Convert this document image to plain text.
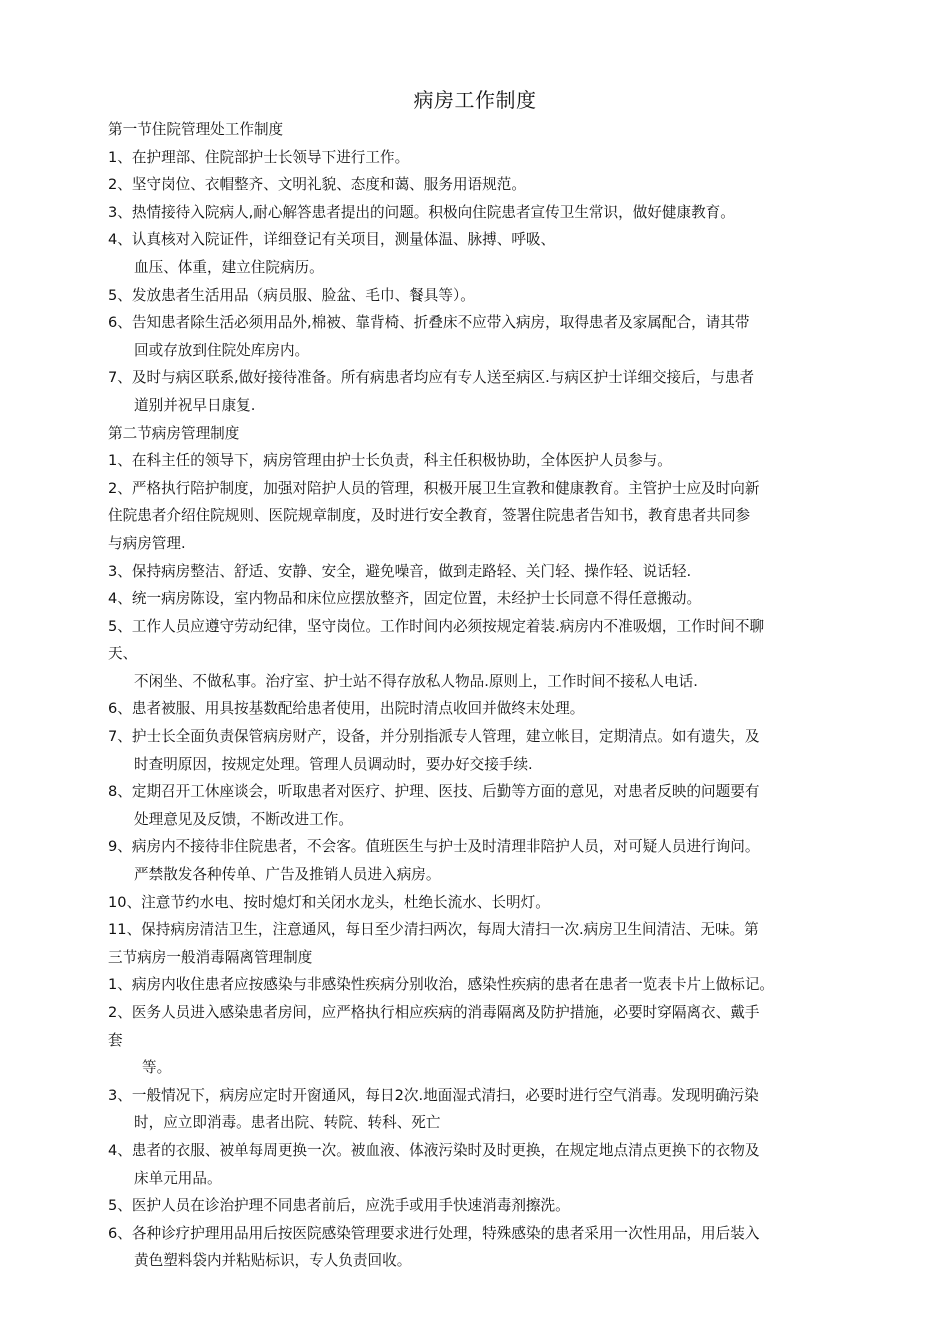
病房工作制度
第一节住院管理处工作制度
1、在护理部、住院部护士长领导下进行工作。
2、坚守岗位、衣帽整齐、文明礼貌、态度和蔼、服务用语规范。
3、热情接待入院病人,耐心解答患者提出的问题。积极向住院患者宣传卫生常识，做好健康教育。
4、认真核对入院证件，详细登记有关项目，测量体温、脉搏、呼吸、
血压、体重，建立住院病历。
5、发放患者生活用品（病员服、脸盆、毛巾、餐具等）。
6、告知患者除生活必须用品外,棉被、靠背椅、折叠床不应带入病房，取得患者及家属配合，请其带
回或存放到住院处库房内。
7、及时与病区联系,做好接待准备。所有病患者均应有专人送至病区.与病区护士详细交接后，与患者
道别并祝早日康复.
第二节病房管理制度
1、在科主任的领导下，病房管理由护士长负责，科主任积极协助，全体医护人员参与。
2、严格执行陪护制度，加强对陪护人员的管理，积极开展卫生宣教和健康教育。主管护士应及时向新
住院患者介绍住院规则、医院规章制度，及时进行安全教育，签署住院患者告知书，教育患者共同参
与病房管理.
3、保持病房整洁、舒适、安静、安全，避免噪音，做到走路轻、关门轻、操作轻、说话轻.
4、统一病房陈设，室内物品和床位应摆放整齐，固定位置，未经护士长同意不得任意搬动。
5、工作人员应遵守劳动纪律，坚守岗位。工作时间内必须按规定着装.病房内不准吸烟，工作时间不聊
天、
不闲坐、不做私事。治疗室、护士站不得存放私人物品.原则上，工作时间不接私人电话.
6、患者被服、用具按基数配给患者使用，出院时清点收回并做终末处理。
7、护士长全面负责保管病房财产，设备，并分别指派专人管理，建立帐目，定期清点。如有遗失，及
时查明原因，按规定处理。管理人员调动时，要办好交接手续.
8、定期召开工休座谈会，听取患者对医疗、护理、医技、后勤等方面的意见，对患者反映的问题要有
处理意见及反馈，不断改进工作。
9、病房内不接待非住院患者，不会客。值班医生与护士及时清理非陪护人员，对可疑人员进行询问。
严禁散发各种传单、广告及推销人员进入病房。
10、注意节约水电、按时熄灯和关闭水龙头，杜绝长流水、长明灯。
11、保持病房清洁卫生，注意通风，每日至少清扫两次，每周大清扫一次.病房卫生间清洁、无味。第
三节病房一般消毒隔离管理制度
1、病房内收住患者应按感染与非感染性疾病分别收治，感染性疾病的患者在患者一览表卡片上做标记。
2、医务人员进入感染患者房间，应严格执行相应疾病的消毒隔离及防护措施，必要时穿隔离衣、戴手
套
等。
3、一般情况下，病房应定时开窗通风，每日2次.地面湿式清扫，必要时进行空气消毒。发现明确污染
时，应立即消毒。患者出院、转院、转科、死亡
4、患者的衣服、被单每周更换一次。被血液、体液污染时及时更换，在规定地点清点更换下的衣物及
床单元用品。
5、医护人员在诊治护理不同患者前后，应洗手或用手快速消毒剂擦洗。
6、各种诊疗护理用品用后按医院感染管理要求进行处理，特殊感染的患者采用一次性用品，用后装入
黄色塑料袋内并粘贴标识，专人负责回收。
